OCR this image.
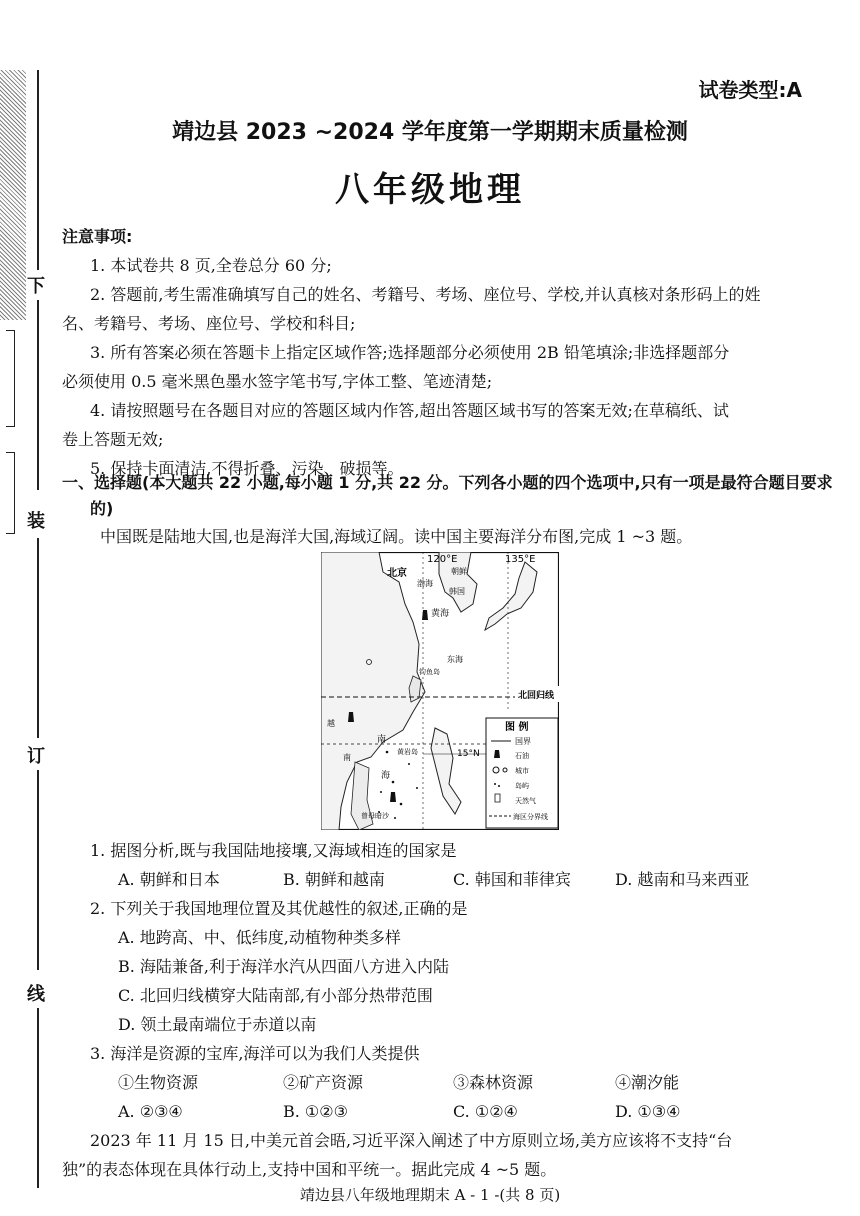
下
装
订
线
试卷类型:A
靖边县 2023 ~2024 学年度第一学期期末质量检测
八年级地理
注意事项:
1. 本试卷共 8 页,全卷总分 60 分;
2. 答题前,考生需准确填写自己的姓名、考籍号、考场、座位号、学校,并认真核对条形码上的姓
名、考籍号、考场、座位号、学校和科目;
3. 所有答案必须在答题卡上指定区域作答;选择题部分必须使用 2B 铅笔填涂;非选择题部分
必须使用 0.5 毫米黑色墨水签字笔书写,字体工整、笔迹清楚;
4. 请按照题号在各题目对应的答题区域内作答,超出答题区域书写的答案无效;在草稿纸、试
卷上答题无效;
5. 保持卡面清洁,不得折叠、污染、破损等。
一、选择题(本大题共 22 小题,每小题 1 分,共 22 分。下列各小题的四个选项中,只有一项是最符合题目要求的)
中国既是陆地大国,也是海洋大国,海域辽阔。读中国主要海洋分布图,完成 1 ~3 题。
120°E	135°E
北京
渤海
朝鲜
韩国
黄海
东海
钓鱼岛
南
海
越
南
黄岩岛
曾母暗沙
15°N
北回归线
图 例
国界
石油
城市
岛屿
天然气
海区分界线
1. 据图分析,既与我国陆地接壤,又海域相连的国家是
A. 朝鲜和日本	B. 朝鲜和越南	C. 韩国和菲律宾	D. 越南和马来西亚
2. 下列关于我国地理位置及其优越性的叙述,正确的是
A. 地跨高、中、低纬度,动植物种类多样
B. 海陆兼备,利于海洋水汽从四面八方进入内陆
C. 北回归线横穿大陆南部,有小部分热带范围
D. 领土最南端位于赤道以南
3. 海洋是资源的宝库,海洋可以为我们人类提供
①生物资源	②矿产资源	③森林资源	④潮汐能
A. ②③④	B. ①②③	C. ①②④	D. ①③④
2023 年 11 月 15 日,中美元首会晤,习近平深入阐述了中方原则立场,美方应该将不支持“台
独”的表态体现在具体行动上,支持中国和平统一。据此完成 4 ~5 题。
靖边县八年级地理期末 A - 1 -(共 8 页)
